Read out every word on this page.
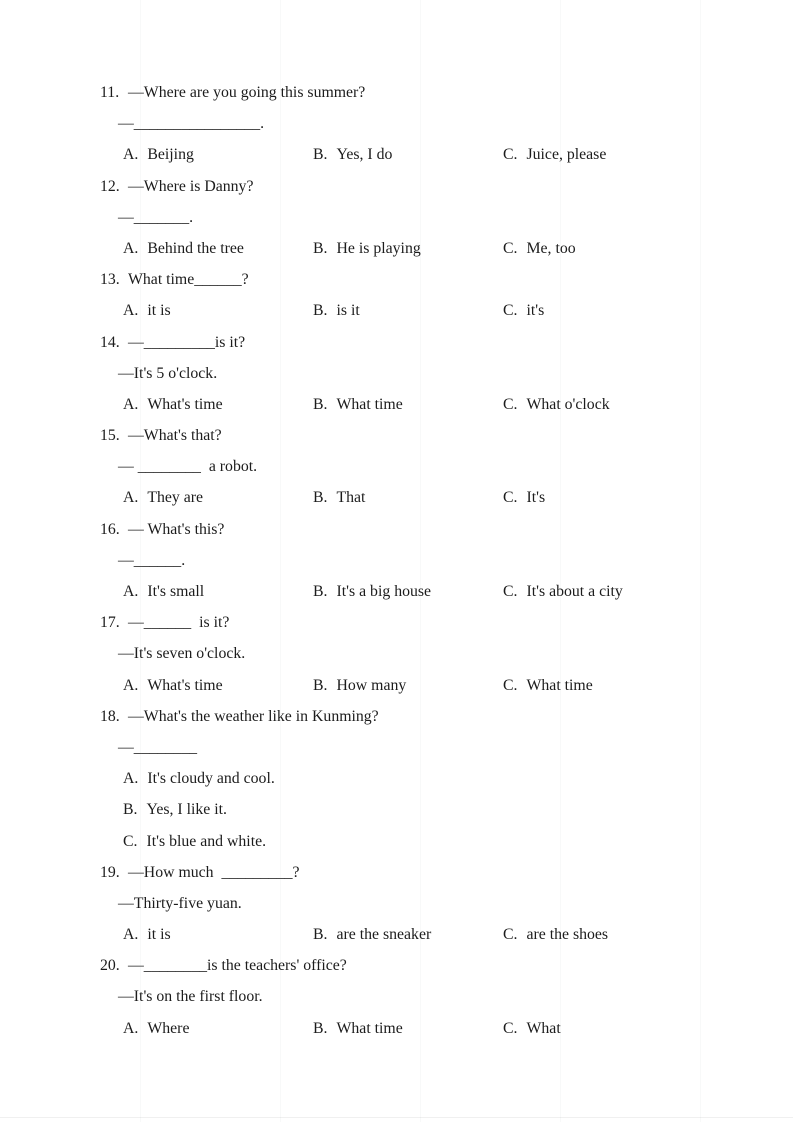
11. —Where are you going this summer?
—________________.
A. Beijing	B. Yes, I do	C. Juice, please
12. —Where is Danny?
—_______.
A. Behind the tree	B. He is playing	C. Me, too
13. What time______?
A. it is	B. is it	C. it's
14. —_________is it?
—It's 5 o'clock.
A. What's time	B. What time	C. What o'clock
15. —What's that?
— ________  a robot.
A. They are	B. That	C. It's
16. — What's this?
—______.
A. It's small	B. It's a big house	C. It's about a city
17. —______  is it?
—It's seven o'clock.
A. What's time	B. How many	C. What time
18. —What's the weather like in Kunming?
—________
A. It's cloudy and cool.
B. Yes, I like it.
C. It's blue and white.
19. —How much  _________?
—Thirty-five yuan.
A. it is	B. are the sneaker	C. are the shoes
20. —________is the teachers' office?
—It's on the first floor.
A. Where	B. What time	C. What
